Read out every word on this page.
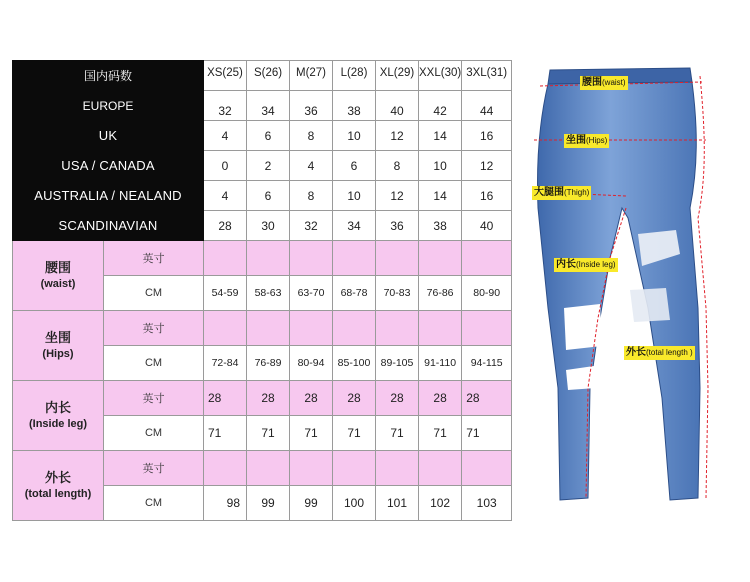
国内码数		XS(25)	S(26)	M(27)	L(28)	XL(29)	XXL(30)	3XL(31)
EUROPE		32	34	36	38	40	42	44
UK		4	6	8	10	12	14	16
USA / CANADA		0	2	4	6	8	10	12
AUSTRALIA / NEALAND		4	6	8	10	12	14	16
SCANDINAVIAN		28	30	32	34	36	38	40
腰围
(waist)	英寸							
	CM	54-59	58-63	63-70	68-78	70-83	76-86	80-90
坐围
(Hips)	英寸							
	CM	72-84	76-89	80-94	85-100	89-105	91-110	94-115
内长
(Inside leg)	英寸	28	28	28	28	28	28	28
	CM	71	71	71	71	71	71	71
外长
(total length)	英寸							
	CM	98	99	99	100	101	102	103
腰围(waist)
坐围(Hips)
大腿围(Thigh)
内长(Inside leg)
外长(total length )
